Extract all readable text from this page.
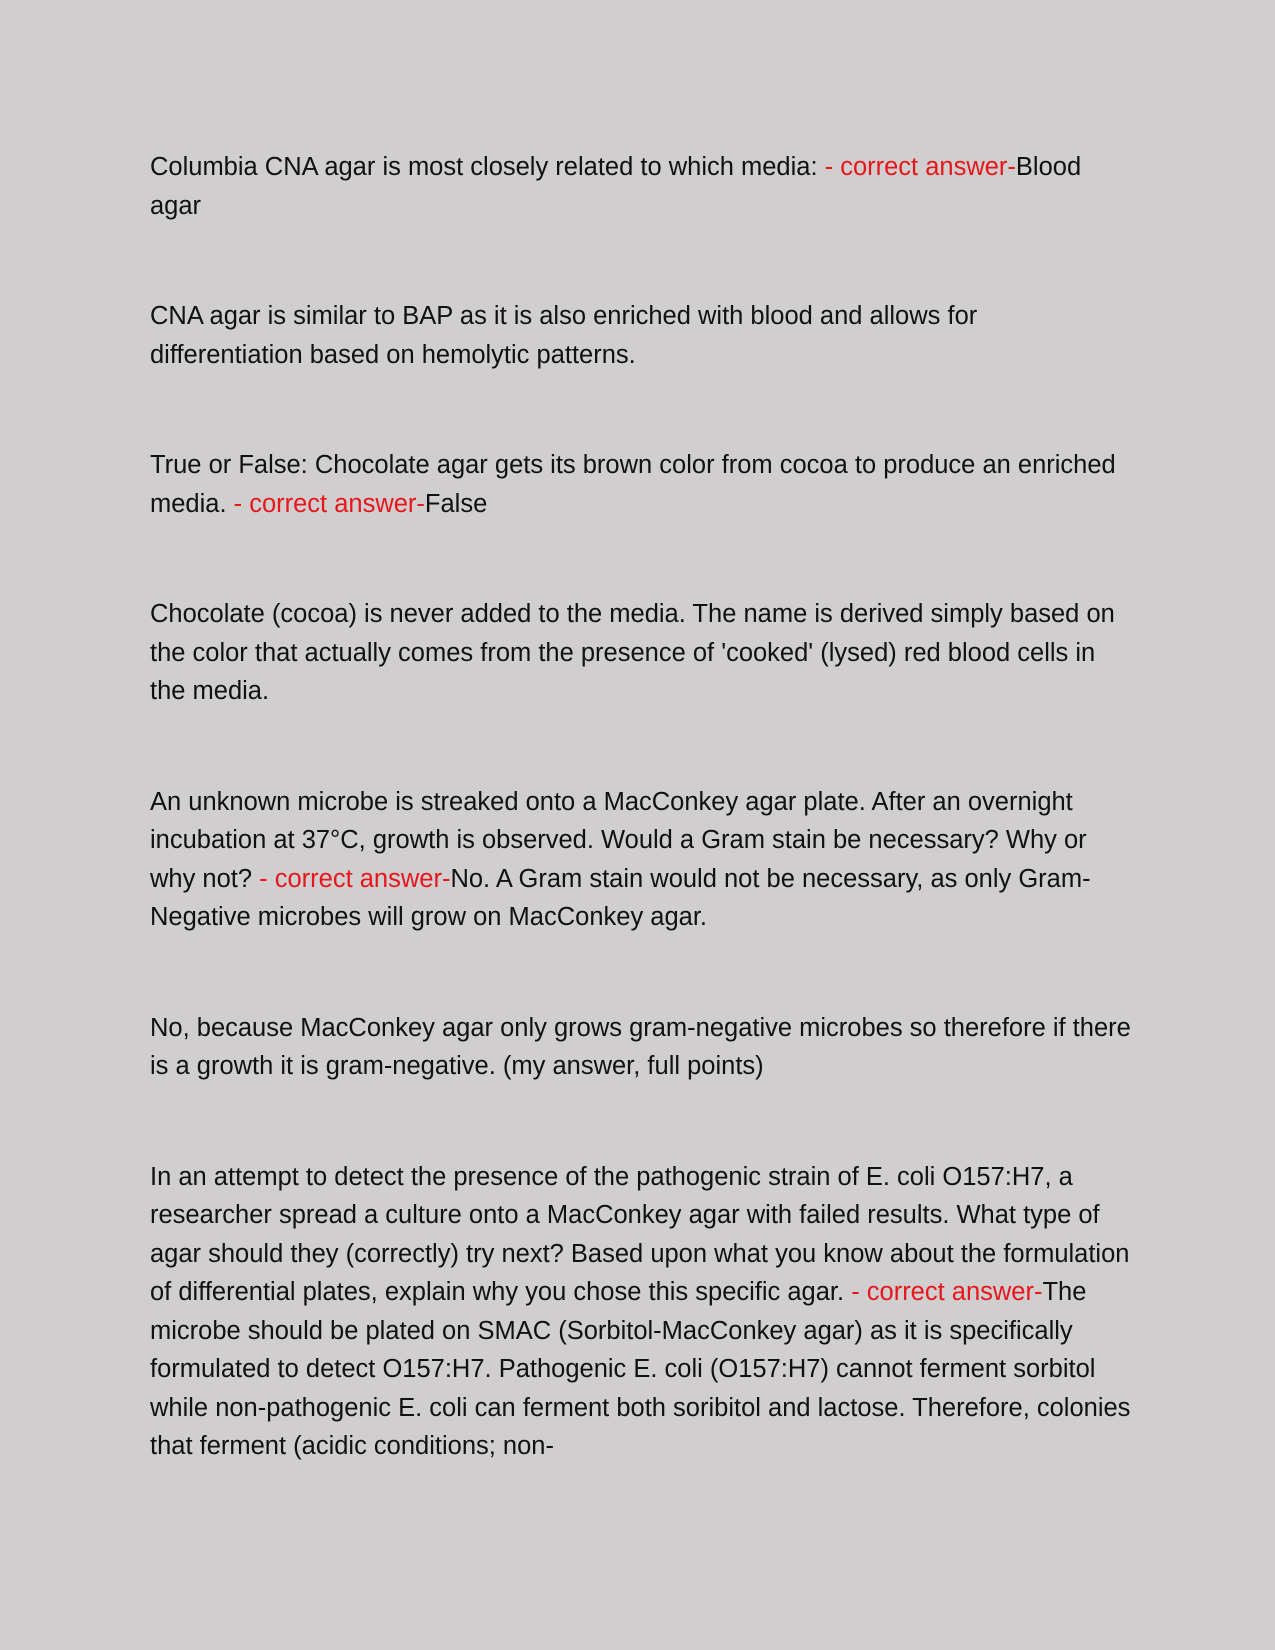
Columbia CNA agar is most closely related to which media: - correct answer-Blood agar

CNA agar is similar to BAP as it is also enriched with blood and allows for differentiation based on hemolytic patterns.

True or False: Chocolate agar gets its brown color from cocoa to produce an enriched media. - correct answer-False

Chocolate (cocoa) is never added to the media. The name is derived simply based on the color that actually comes from the presence of 'cooked' (lysed) red blood cells in the media.

An unknown microbe is streaked onto a MacConkey agar plate. After an overnight incubation at 37°C, growth is observed. Would a Gram stain be necessary? Why or why not? - correct answer-No. A Gram stain would not be necessary, as only Gram-Negative microbes will grow on MacConkey agar.

No, because MacConkey agar only grows gram-negative microbes so therefore if there is a growth it is gram-negative. (my answer, full points)

In an attempt to detect the presence of the pathogenic strain of E. coli O157:H7, a researcher spread a culture onto a MacConkey agar with failed results. What type of agar should they (correctly) try next? Based upon what you know about the formulation of differential plates, explain why you chose this specific agar. - correct answer-The microbe should be plated on SMAC (Sorbitol-MacConkey agar) as it is specifically formulated to detect O157:H7. Pathogenic E. coli (O157:H7) cannot ferment sorbitol while non-pathogenic E. coli can ferment both soribitol and lactose. Therefore, colonies that ferment (acidic conditions; non-
